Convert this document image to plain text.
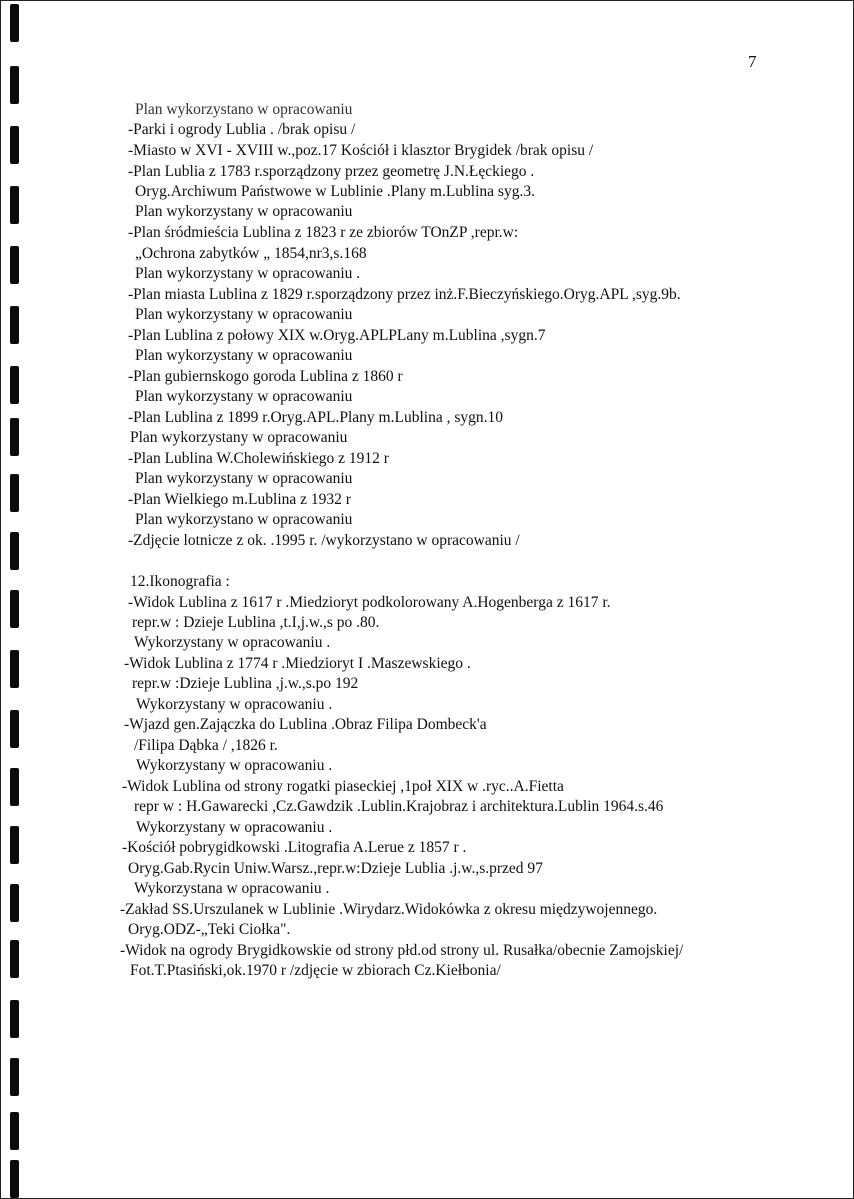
7
Plan wykorzystano w opracowaniu
-Parki i ogrody Lublia . /brak opisu /
-Miasto w XVI - XVIII w.,poz.17 Kościół i klasztor Brygidek /brak opisu /
-Plan Lublia z 1783 r.sporządzony przez geometrę J.N.Łęckiego .
Oryg.Archiwum Państwowe w Lublinie .Plany m.Lublina syg.3.
Plan wykorzystany w opracowaniu
-Plan śródmieścia Lublina z 1823 r ze zbiorów TOnZP ,repr.w:
„Ochrona zabytków „ 1854,nr3,s.168
Plan wykorzystany w opracowaniu .
-Plan miasta Lublina z 1829 r.sporządzony przez inż.F.Bieczyńskiego.Oryg.APL ,syg.9b.
Plan wykorzystany w opracowaniu
-Plan Lublina z połowy XIX w.Oryg.APLPLany m.Lublina ,sygn.7
Plan wykorzystany w opracowaniu
-Plan gubiernskogo goroda Lublina z 1860 r
Plan wykorzystany w opracowaniu
-Plan Lublina z 1899 r.Oryg.APL.Plany m.Lublina , sygn.10
Plan wykorzystany w opracowaniu
-Plan Lublina W.Cholewińskiego z 1912 r
Plan wykorzystany w opracowaniu
-Plan Wielkiego m.Lublina z 1932 r
Plan wykorzystano w opracowaniu
-Zdjęcie lotnicze z ok. .1995 r. /wykorzystano w opracowaniu /
12.Ikonografia :
-Widok Lublina z 1617 r .Miedzioryt podkolorowany A.Hogenberga z 1617 r.
repr.w : Dzieje Lublina ,t.I,j.w.,s po .80.
Wykorzystany w opracowaniu .
-Widok Lublina z 1774 r .Miedzioryt I .Maszewskiego .
repr.w :Dzieje Lublina ,j.w.,s.po 192
Wykorzystany w opracowaniu .
-Wjazd gen.Zajączka do Lublina .Obraz Filipa Dombeck'a
/Filipa Dąbka / ,1826 r.
Wykorzystany w opracowaniu .
-Widok Lublina od strony rogatki piaseckiej ,1poł XIX w .ryc..A.Fietta
repr w : H.Gawarecki ,Cz.Gawdzik .Lublin.Krajobraz i architektura.Lublin 1964.s.46
Wykorzystany w opracowaniu .
-Kościół pobrygidkowski .Litografia A.Lerue z 1857 r .
Oryg.Gab.Rycin Uniw.Warsz.,repr.w:Dzieje Lublia .j.w.,s.przed 97
Wykorzystana w opracowaniu .
-Zakład SS.Urszulanek w Lublinie .Wirydarz.Widokówka z okresu międzywojennego.
Oryg.ODZ-„Teki Ciołka".
-Widok na ogrody Brygidkowskie od strony płd.od strony ul. Rusałka/obecnie Zamojskiej/
Fot.T.Ptasiński,ok.1970 r /zdjęcie w zbiorach Cz.Kiełbonia/
